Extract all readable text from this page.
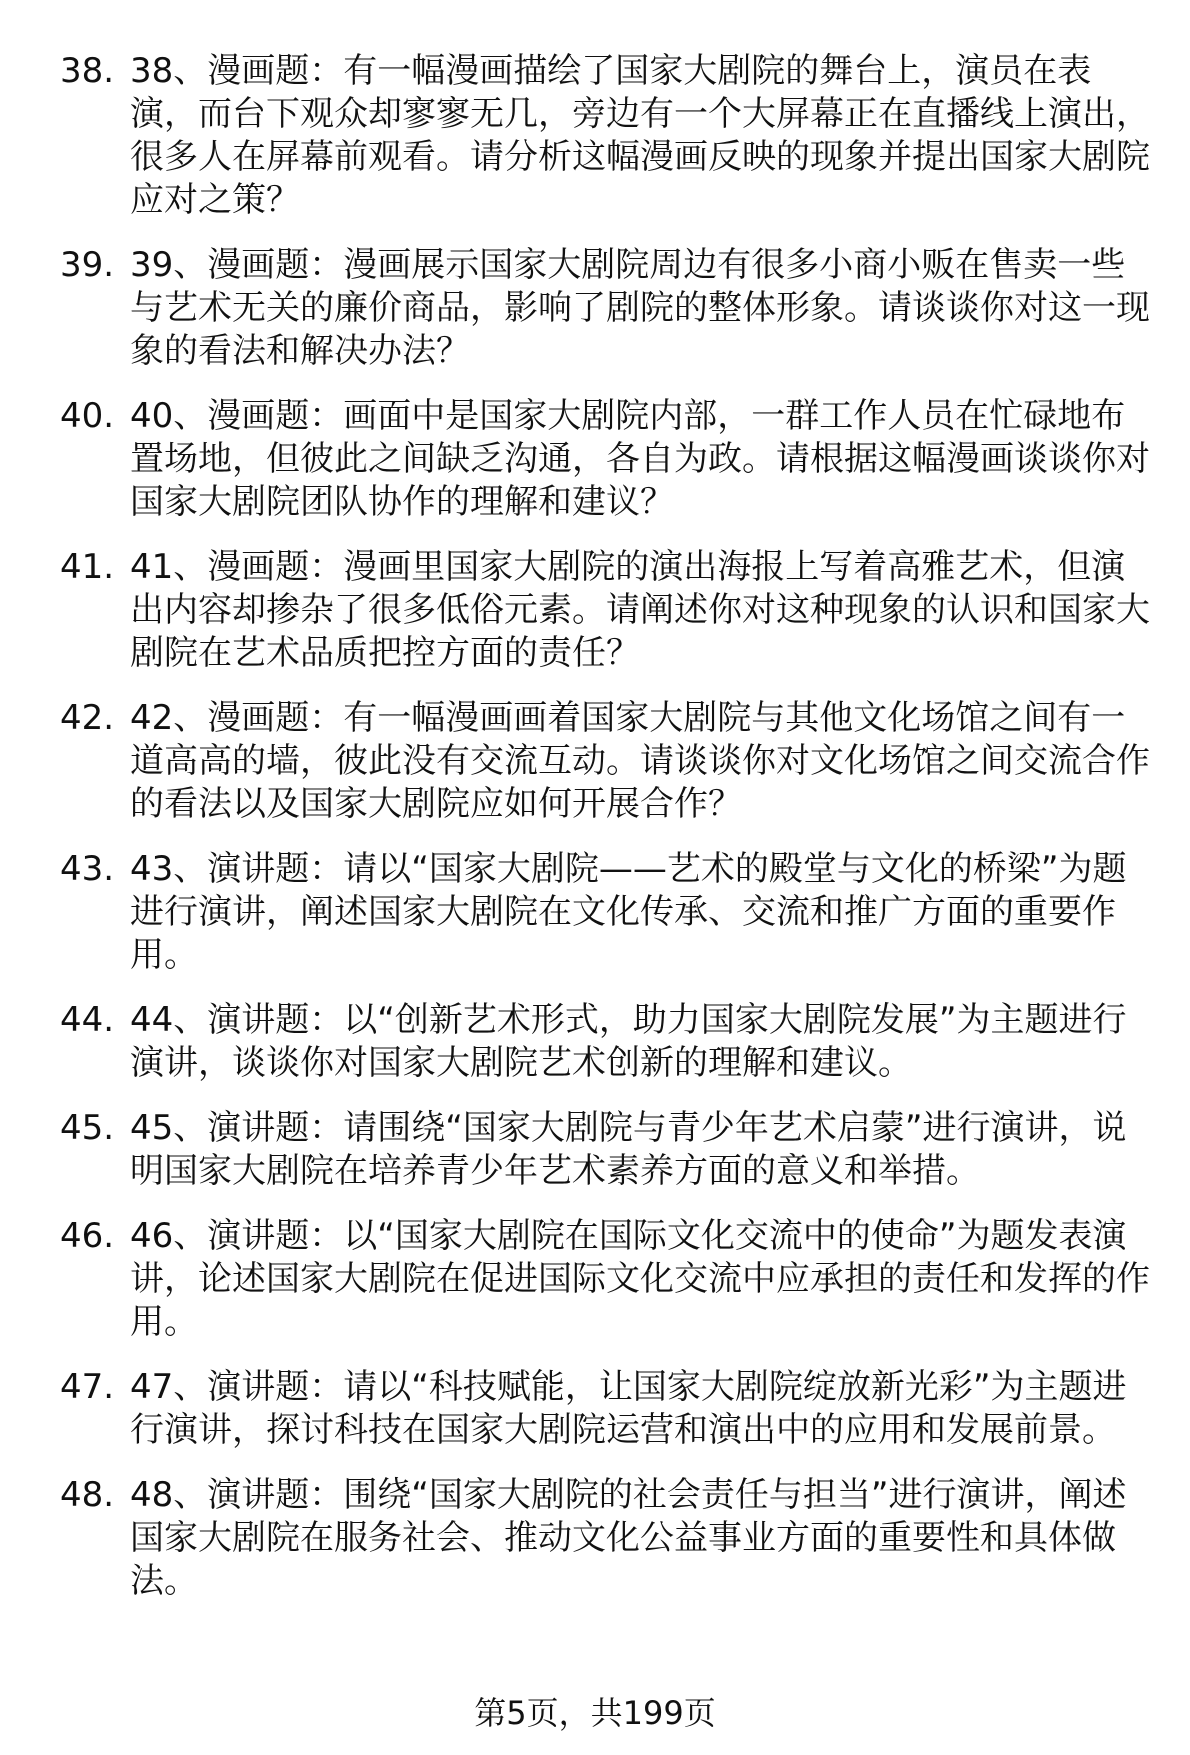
38. 38、漫画题：有一幅漫画描绘了国家大剧院的舞台上，演员在表演，而台下观众却寥寥无几，旁边有一个大屏幕正在直播线上演出，很多人在屏幕前观看。请分析这幅漫画反映的现象并提出国家大剧院应对之策？
39. 39、漫画题：漫画展示国家大剧院周边有很多小商小贩在售卖一些与艺术无关的廉价商品，影响了剧院的整体形象。请谈谈你对这一现象的看法和解决办法？
40. 40、漫画题：画面中是国家大剧院内部，一群工作人员在忙碌地布置场地，但彼此之间缺乏沟通，各自为政。请根据这幅漫画谈谈你对国家大剧院团队协作的理解和建议？
41. 41、漫画题：漫画里国家大剧院的演出海报上写着高雅艺术，但演出内容却掺杂了很多低俗元素。请阐述你对这种现象的认识和国家大剧院在艺术品质把控方面的责任？
42. 42、漫画题：有一幅漫画画着国家大剧院与其他文化场馆之间有一道高高的墙，彼此没有交流互动。请谈谈你对文化场馆之间交流合作的看法以及国家大剧院应如何开展合作？
43. 43、演讲题：请以“国家大剧院——艺术的殿堂与文化的桥梁”为题进行演讲，阐述国家大剧院在文化传承、交流和推广方面的重要作用。
44. 44、演讲题：以“创新艺术形式，助力国家大剧院发展”为主题进行演讲，谈谈你对国家大剧院艺术创新的理解和建议。
45. 45、演讲题：请围绕“国家大剧院与青少年艺术启蒙”进行演讲，说明国家大剧院在培养青少年艺术素养方面的意义和举措。
46. 46、演讲题：以“国家大剧院在国际文化交流中的使命”为题发表演讲，论述国家大剧院在促进国际文化交流中应承担的责任和发挥的作用。
47. 47、演讲题：请以“科技赋能，让国家大剧院绽放新光彩”为主题进行演讲，探讨科技在国家大剧院运营和演出中的应用和发展前景。
48. 48、演讲题：围绕“国家大剧院的社会责任与担当”进行演讲，阐述国家大剧院在服务社会、推动文化公益事业方面的重要性和具体做法。
第5页，共199页
